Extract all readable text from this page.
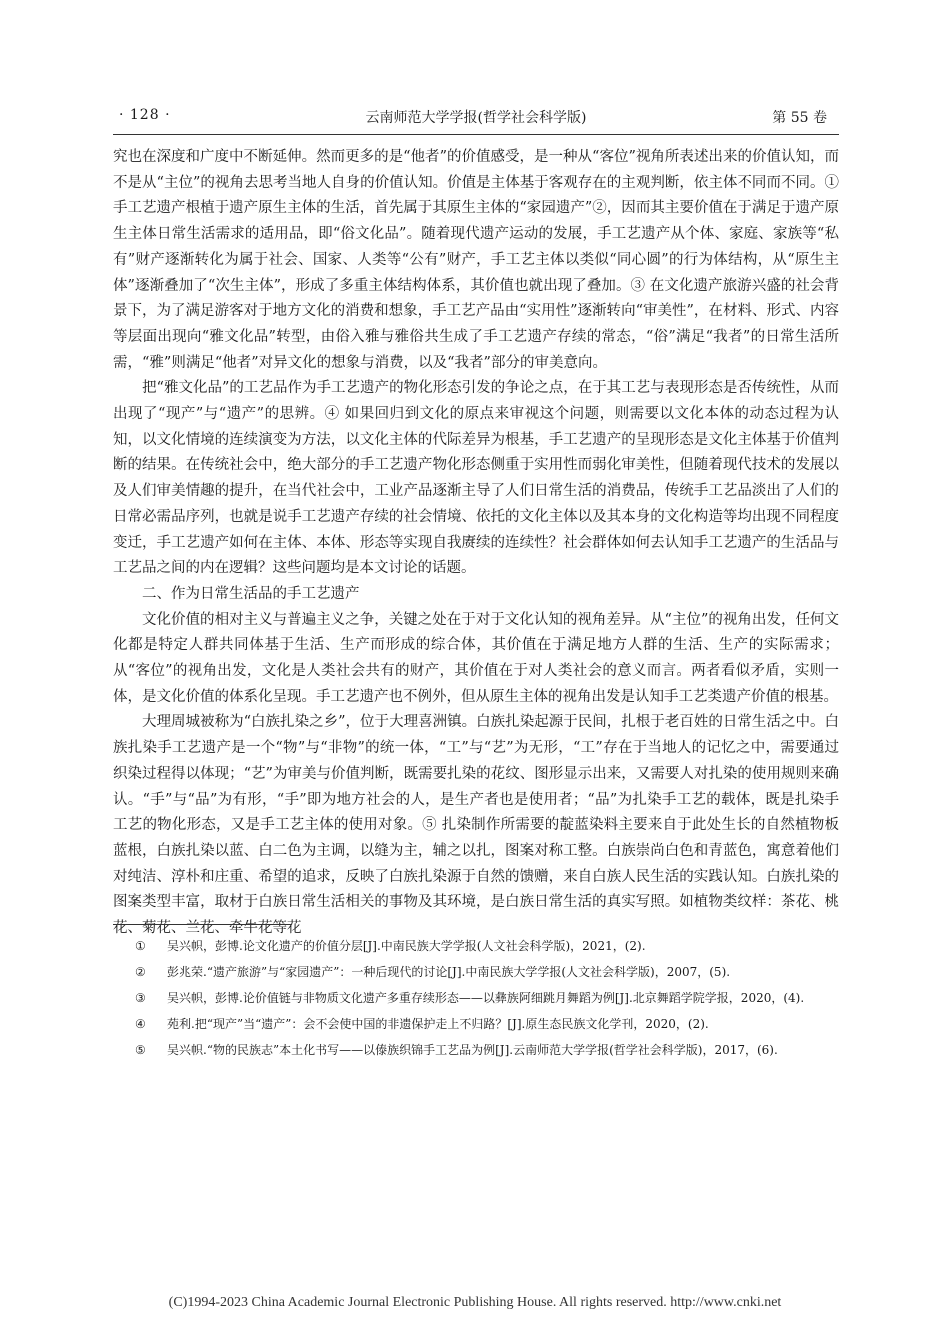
· 128 ·	云南师范大学学报(哲学社会科学版)	第 55 卷

究也在深度和广度中不断延伸。然而更多的是“他者”的价值感受，是一种从“客位”视角所表述出来的价值认知，而不是从“主位”的视角去思考当地人自身的价值认知。价值是主体基于客观存在的主观判断，依主体不同而不同。① 手工艺遗产根植于遗产原生主体的生活，首先属于其原生主体的“家园遗产”②，因而其主要价值在于满足于遗产原生主体日常生活需求的适用品，即“俗文化品”。随着现代遗产运动的发展，手工艺遗产从个体、家庭、家族等“私有”财产逐渐转化为属于社会、国家、人类等“公有”财产，手工艺主体以类似“同心圆”的行为体结构，从“原生主体”逐渐叠加了“次生主体”，形成了多重主体结构体系，其价值也就出现了叠加。③ 在文化遗产旅游兴盛的社会背景下，为了满足游客对于地方文化的消费和想象，手工艺产品由“实用性”逐渐转向“审美性”，在材料、形式、内容等层面出现向“雅文化品”转型，由俗入雅与雅俗共生成了手工艺遗产存续的常态，“俗”满足“我者”的日常生活所需，“雅”则满足“他者”对异文化的想象与消费，以及“我者”部分的审美意向。

把“雅文化品”的工艺品作为手工艺遗产的物化形态引发的争论之点，在于其工艺与表现形态是否传统性，从而出现了“现产”与“遗产”的思辨。④ 如果回归到文化的原点来审视这个问题，则需要以文化本体的动态过程为认知，以文化情境的连续演变为方法，以文化主体的代际差异为根基，手工艺遗产的呈现形态是文化主体基于价值判断的结果。在传统社会中，绝大部分的手工艺遗产物化形态侧重于实用性而弱化审美性，但随着现代技术的发展以及人们审美情趣的提升，在当代社会中，工业产品逐渐主导了人们日常生活的消费品，传统手工艺品淡出了人们的日常必需品序列，也就是说手工艺遗产存续的社会情境、依托的文化主体以及其本身的文化构造等均出现不同程度变迁，手工艺遗产如何在主体、本体、形态等实现自我赓续的连续性？社会群体如何去认知手工艺遗产的生活品与工艺品之间的内在逻辑？这些问题均是本文讨论的话题。

二、作为日常生活品的手工艺遗产

文化价值的相对主义与普遍主义之争，关键之处在于对于文化认知的视角差异。从“主位”的视角出发，任何文化都是特定人群共同体基于生活、生产而形成的综合体，其价值在于满足地方人群的生活、生产的实际需求；从“客位”的视角出发，文化是人类社会共有的财产，其价值在于对人类社会的意义而言。两者看似矛盾，实则一体，是文化价值的体系化呈现。手工艺遗产也不例外，但从原生主体的视角出发是认知手工艺类遗产价值的根基。

大理周城被称为“白族扎染之乡”，位于大理喜洲镇。白族扎染起源于民间，扎根于老百姓的日常生活之中。白族扎染手工艺遗产是一个“物”与“非物”的统一体，“工”与“艺”为无形，“工”存在于当地人的记忆之中，需要通过织染过程得以体现；“艺”为审美与价值判断，既需要扎染的花纹、图形显示出来，又需要人对扎染的使用规则来确认。“手”与“品”为有形，“手”即为地方社会的人，是生产者也是使用者；“品”为扎染手工艺的载体，既是扎染手工艺的物化形态，又是手工艺主体的使用对象。⑤ 扎染制作所需要的靛蓝染料主要来自于此处生长的自然植物板蓝根，白族扎染以蓝、白二色为主调，以缝为主，辅之以扎，图案对称工整。白族崇尚白色和青蓝色，寓意着他们对纯洁、淳朴和庄重、希望的追求，反映了白族扎染源于自然的馈赠，来自白族人民生活的实践认知。白族扎染的图案类型丰富，取材于白族日常生活相关的事物及其环境，是白族日常生活的真实写照。如植物类纹样：茶花、桃花、菊花、兰花、牵牛花等花

①	吴兴帜，彭博.论文化遗产的价值分层[J].中南民族大学学报(人文社会科学版)，2021，(2).
②	彭兆荣.“遗产旅游”与“家园遗产”：一种后现代的讨论[J].中南民族大学学报(人文社会科学版)，2007，(5).
③	吴兴帜，彭博.论价值链与非物质文化遗产多重存续形态——以彝族阿细跳月舞蹈为例[J].北京舞蹈学院学报，2020，(4).
④	苑利.把“现产”当“遗产”：会不会使中国的非遗保护走上不归路？[J].原生态民族文化学刊，2020，(2).
⑤	吴兴帜.“物的民族志”本土化书写——以傣族织锦手工艺品为例[J].云南师范大学学报(哲学社会科学版)，2017，(6).
(C)1994-2023 China Academic Journal Electronic Publishing House. All rights reserved. http://www.cnki.net
